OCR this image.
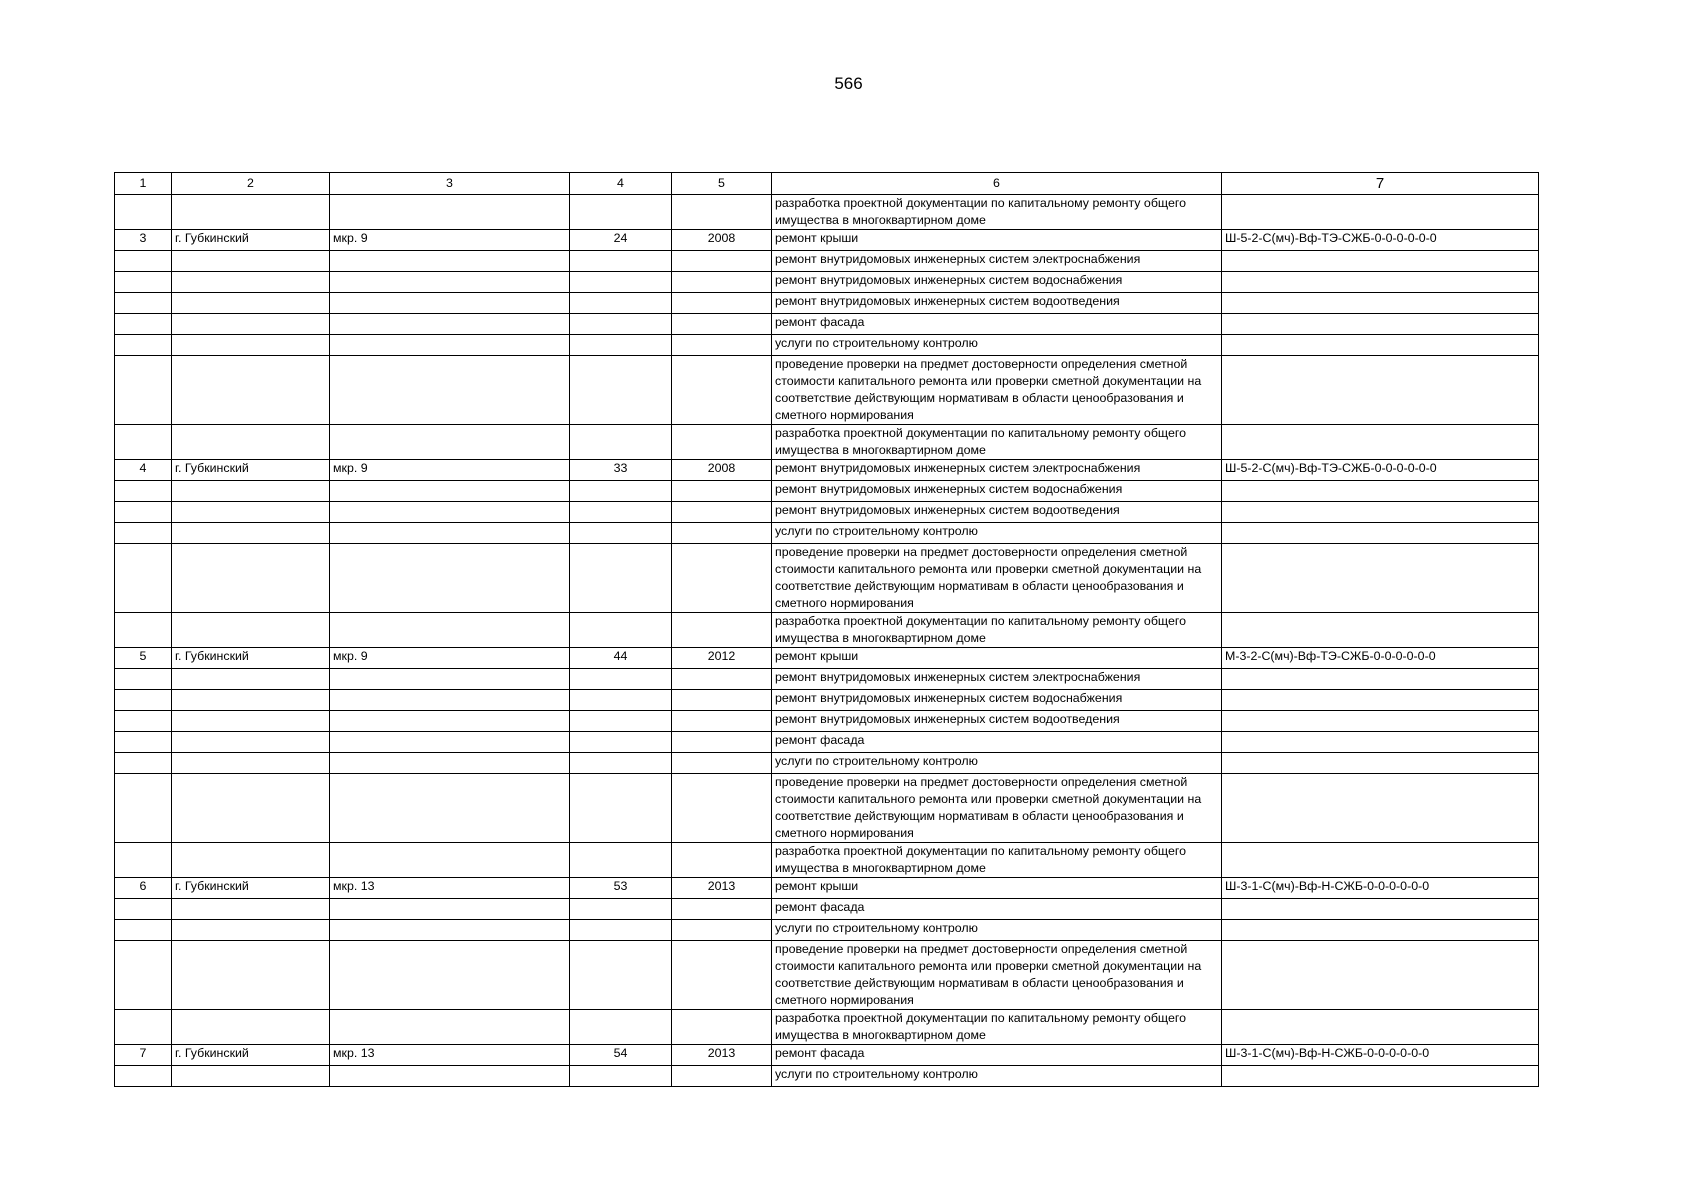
566
1	2	3	4	5	6	7
					разработка проектной документации по капитальному ремонту общего имущества в многоквартирном доме	
3	г. Губкинский	мкр. 9	24	2008	ремонт крыши	Ш-5-2-С(мч)-Вф-ТЭ-СЖБ-0-0-0-0-0-0
					ремонт внутридомовых инженерных систем электроснабжения	
					ремонт внутридомовых инженерных систем водоснабжения	
					ремонт внутридомовых инженерных систем водоотведения	
					ремонт фасада	
					услуги по строительному контролю	
					проведение проверки на предмет достоверности определения сметной стоимости капитального ремонта или проверки сметной документации на соответствие действующим нормативам в области ценообразования и сметного нормирования	
					разработка проектной документации по капитальному ремонту общего имущества в многоквартирном доме	
4	г. Губкинский	мкр. 9	33	2008	ремонт внутридомовых инженерных систем электроснабжения	Ш-5-2-С(мч)-Вф-ТЭ-СЖБ-0-0-0-0-0-0
					ремонт внутридомовых инженерных систем водоснабжения	
					ремонт внутридомовых инженерных систем водоотведения	
					услуги по строительному контролю	
					проведение проверки на предмет достоверности определения сметной стоимости капитального ремонта или проверки сметной документации на соответствие действующим нормативам в области ценообразования и сметного нормирования	
					разработка проектной документации по капитальному ремонту общего имущества в многоквартирном доме	
5	г. Губкинский	мкр. 9	44	2012	ремонт крыши	М-3-2-С(мч)-Вф-ТЭ-СЖБ-0-0-0-0-0-0
					ремонт внутридомовых инженерных систем электроснабжения	
					ремонт внутридомовых инженерных систем водоснабжения	
					ремонт внутридомовых инженерных систем водоотведения	
					ремонт фасада	
					услуги по строительному контролю	
					проведение проверки на предмет достоверности определения сметной стоимости капитального ремонта или проверки сметной документации на соответствие действующим нормативам в области ценообразования и сметного нормирования	
					разработка проектной документации по капитальному ремонту общего имущества в многоквартирном доме	
6	г. Губкинский	мкр. 13	53	2013	ремонт крыши	Ш-3-1-С(мч)-Вф-Н-СЖБ-0-0-0-0-0-0
					ремонт фасада	
					услуги по строительному контролю	
					проведение проверки на предмет достоверности определения сметной стоимости капитального ремонта или проверки сметной документации на соответствие действующим нормативам в области ценообразования и сметного нормирования	
					разработка проектной документации по капитальному ремонту общего имущества в многоквартирном доме	
7	г. Губкинский	мкр. 13	54	2013	ремонт фасада	Ш-3-1-С(мч)-Вф-Н-СЖБ-0-0-0-0-0-0
					услуги по строительному контролю	
